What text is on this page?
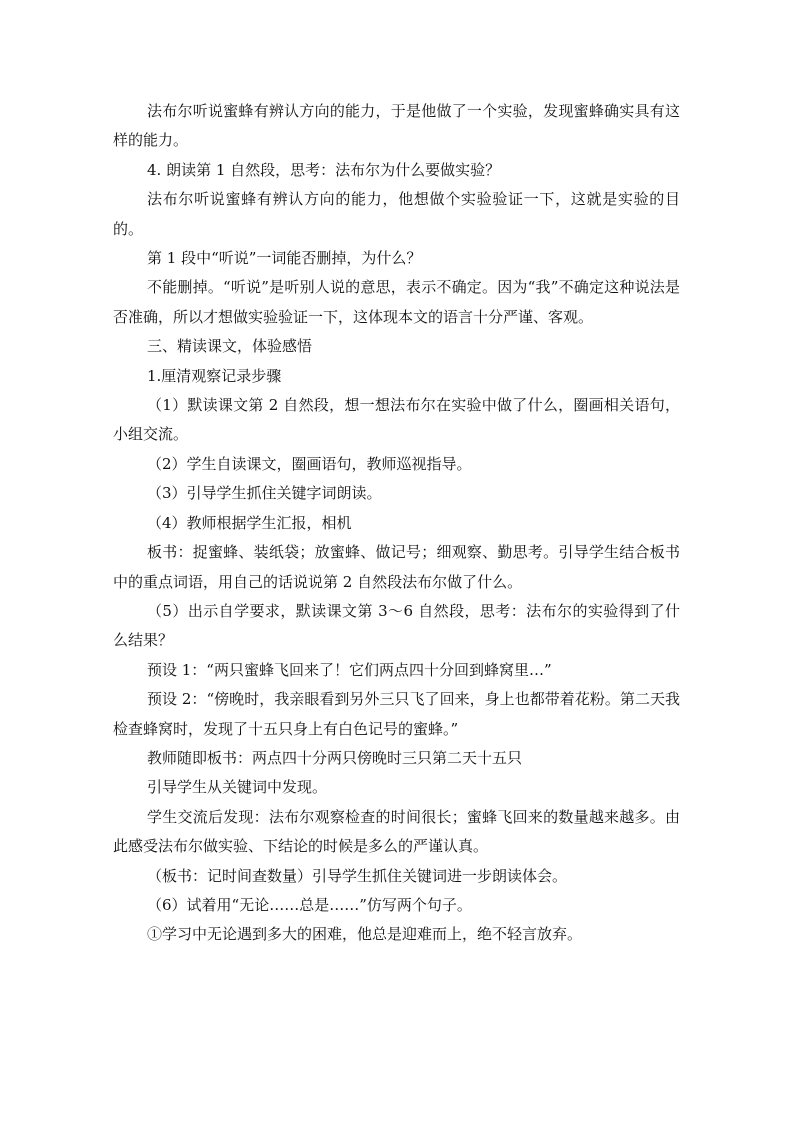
法布尔听说蜜蜂有辨认方向的能力，于是他做了一个实验，发现蜜蜂确实具有这样的能力。

4. 朗读第 1 自然段，思考：法布尔为什么要做实验？

法布尔听说蜜蜂有辨认方向的能力，他想做个实验验证一下，这就是实验的目的。

第 1 段中“听说”一词能否删掉，为什么？

不能删掉。“听说”是听别人说的意思，表示不确定。因为“我”不确定这种说法是否准确，所以才想做实验验证一下，这体现本文的语言十分严谨、客观。

三、精读课文，体验感悟

1.厘清观察记录步骤

（1）默读课文第 2 自然段，想一想法布尔在实验中做了什么，圈画相关语句，小组交流。

（2）学生自读课文，圈画语句，教师巡视指导。

（3）引导学生抓住关键字词朗读。

（4）教师根据学生汇报，相机

板书：捉蜜蜂、装纸袋；放蜜蜂、做记号；细观察、勤思考。引导学生结合板书中的重点词语，用自己的话说说第 2 自然段法布尔做了什么。

（5）出示自学要求，默读课文第 3～6 自然段，思考：法布尔的实验得到了什么结果？

预设 1：“两只蜜蜂飞回来了！它们两点四十分回到蜂窝里…”

预设 2：“傍晚时，我亲眼看到另外三只飞了回来，身上也都带着花粉。第二天我检查蜂窝时，发现了十五只身上有白色记号的蜜蜂。”

教师随即板书：两点四十分两只傍晚时三只第二天十五只

引导学生从关键词中发现。

学生交流后发现：法布尔观察检查的时间很长；蜜蜂飞回来的数量越来越多。由此感受法布尔做实验、下结论的时候是多么的严谨认真。

（板书：记时间查数量）引导学生抓住关键词进一步朗读体会。

（6）试着用“无论……总是……”仿写两个句子。

①学习中无论遇到多大的困难，他总是迎难而上，绝不轻言放弃。
